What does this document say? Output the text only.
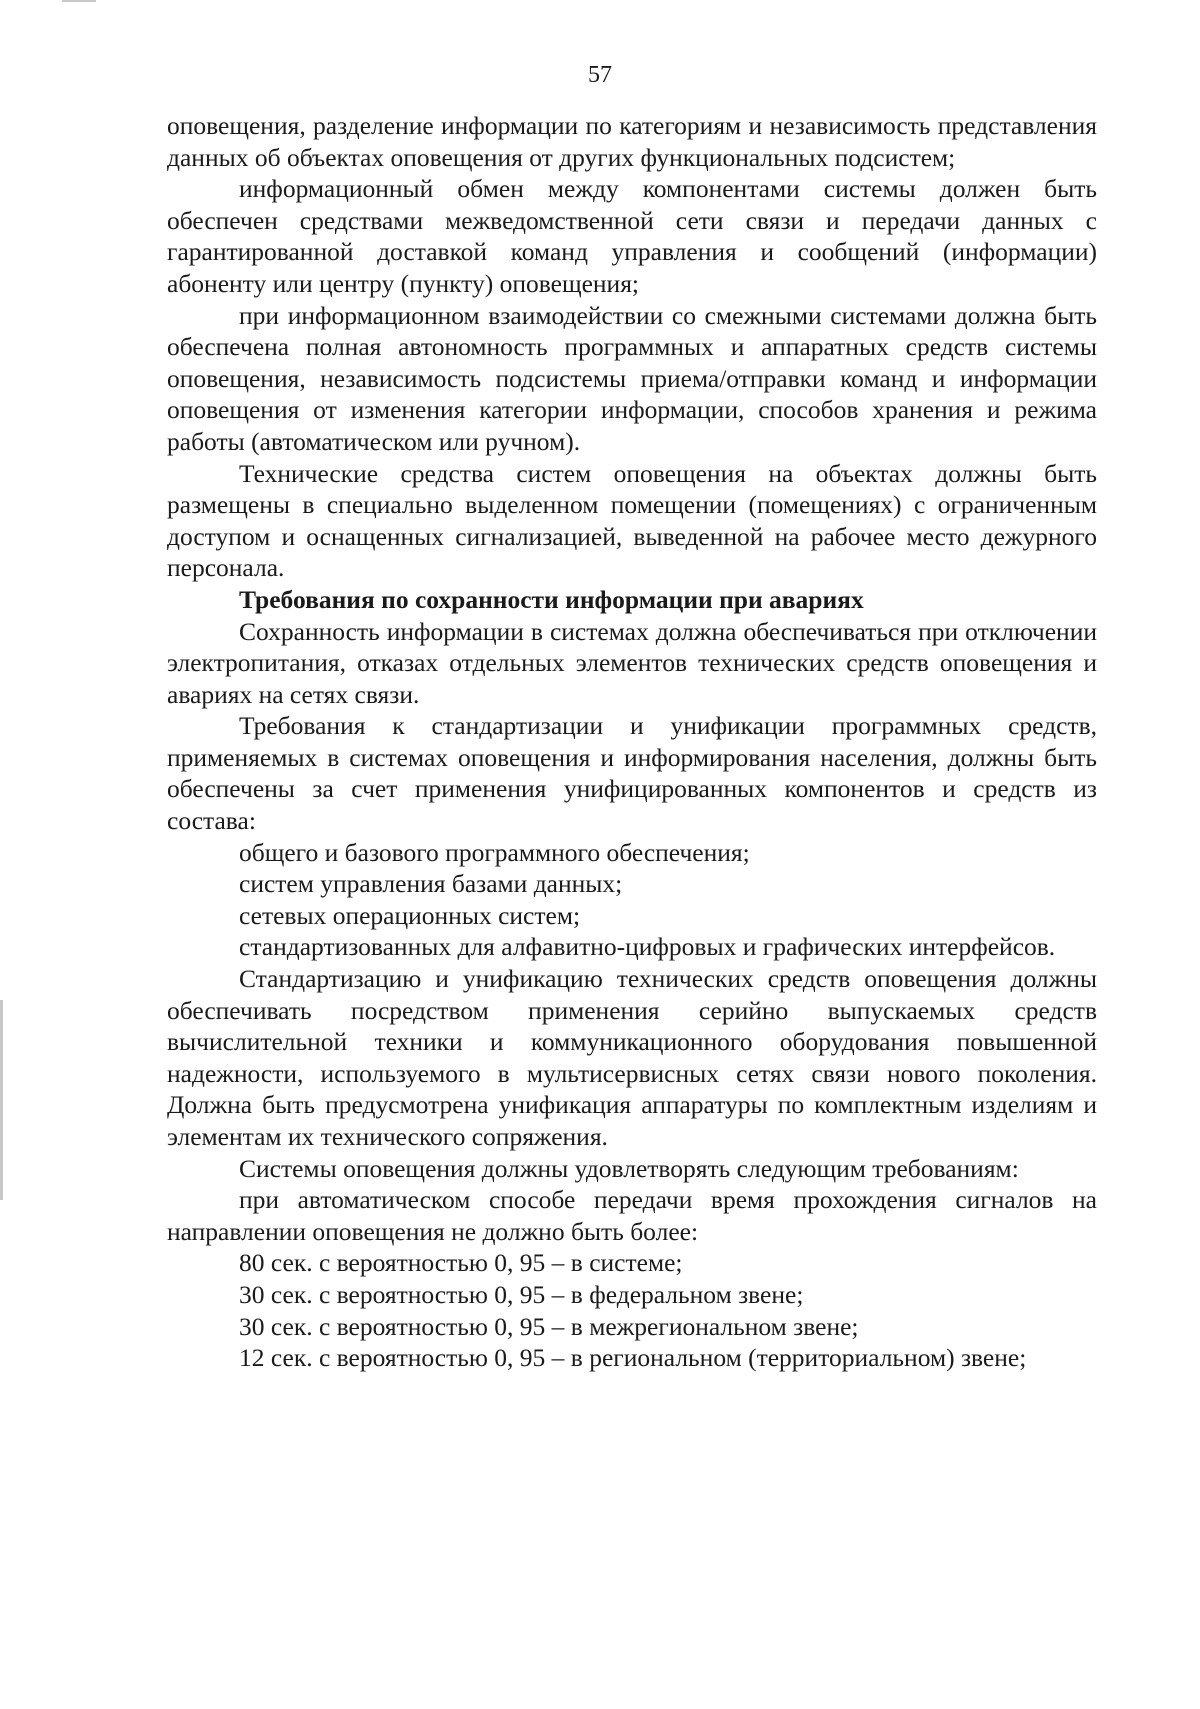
57

оповещения, разделение информации по категориям и независимость представления данных об объектах оповещения от других функциональных подсистем;

информационный обмен между компонентами системы должен быть обеспечен средствами межведомственной сети связи и передачи данных с гарантированной доставкой команд управления и сообщений (информации) абоненту или центру (пункту) оповещения;

при информационном взаимодействии со смежными системами должна быть обеспечена полная автономность программных и аппаратных средств системы оповещения, независимость подсистемы приема/отправки команд и информации оповещения от изменения категории информации, способов хранения и режима работы (автоматическом или ручном).

Технические средства систем оповещения на объектах должны быть размещены в специально выделенном помещении (помещениях) с ограниченным доступом и оснащенных сигнализацией, выведенной на рабочее место дежурного персонала.

Требования по сохранности информации при авариях

Сохранность информации в системах должна обеспечиваться при отключении электропитания, отказах отдельных элементов технических средств оповещения и авариях на сетях связи.

Требования к стандартизации и унификации программных средств, применяемых в системах оповещения и информирования населения, должны быть обеспечены за счет применения унифицированных компонентов и средств из состава:

общего и базового программного обеспечения;

систем управления базами данных;

сетевых операционных систем;

стандартизованных для алфавитно-цифровых и графических интерфейсов.

Стандартизацию и унификацию технических средств оповещения должны обеспечивать посредством применения серийно выпускаемых средств вычислительной техники и коммуникационного оборудования повышенной надежности, используемого в мультисервисных сетях связи нового поколения. Должна быть предусмотрена унификация аппаратуры по комплектным изделиям и элементам их технического сопряжения.

Системы оповещения должны удовлетворять следующим требованиям:

при автоматическом способе передачи время прохождения сигналов на направлении оповещения не должно быть более:

80 сек. с вероятностью 0, 95 – в системе;

30 сек. с вероятностью 0, 95 – в федеральном звене;

30 сек. с вероятностью 0, 95 – в межрегиональном звене;

12 сек. с вероятностью 0, 95 – в региональном (территориальном) звене;
